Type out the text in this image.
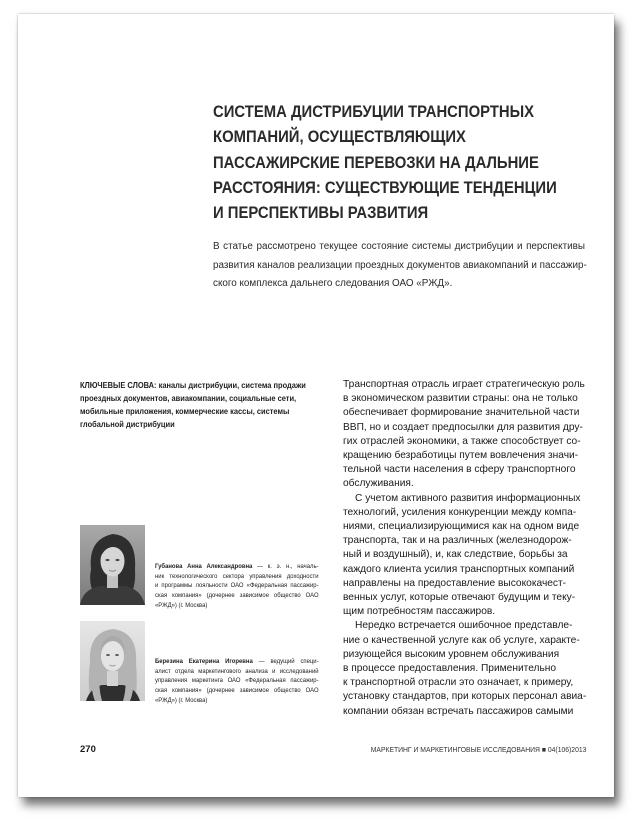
СИСТЕМА ДИСТРИБУЦИИ ТРАНСПОРТНЫХ
КОМПАНИЙ, ОСУЩЕСТВЛЯЮЩИХ
ПАССАЖИРСКИЕ ПЕРЕВОЗКИ НА ДАЛЬНИЕ
РАССТОЯНИЯ: СУЩЕСТВУЮЩИЕ ТЕНДЕНЦИИ
И ПЕРСПЕКТИВЫ РАЗВИТИЯ
В статье рассмотрено текущее состояние системы дистрибуции и перспективы
развития каналов реализации проездных документов авиакомпаний и пассажир-
ского комплекса дальнего следования ОАО «РЖД».
КЛЮЧЕВЫЕ СЛОВА: каналы дистрибуции, система продажи
проездных документов, авиакомпании, социальные сети,
мобильные приложения, коммерческие кассы, системы
глобальной дистрибуции
Губанова Анна Александровна — к. э. н., началь-
ник технологического сектора управления доходности
и программы лояльности ОАО «Федеральная пассажир-
ская компания» (дочернее зависимое общество ОАО
«РЖД») (г. Москва)
Березина Екатерина Игоревна — ведущий специ-
алист отдела маркетингового анализа и исследований
управления маркетинга ОАО «Федеральная пассажир-
ская компания» (дочернее зависимое общество ОАО
«РЖД») (г. Москва)
Транспортная отрасль играет стратегическую роль
в экономическом развитии страны: она не только
обеспечивает формирование значительной части
ВВП, но и создает предпосылки для развития дру-
гих отраслей экономики, а также способствует со-
кращению безработицы путем вовлечения значи-
тельной части населения в сферу транспортного
обслуживания.
С учетом активного развития информационных
технологий, усиления конкуренции между компа-
ниями, специализирующимися как на одном виде
транспорта, так и на различных (железнодорож-
ный и воздушный), и, как следствие, борьбы за
каждого клиента усилия транспортных компаний
направлены на предоставление высококачест-
венных услуг, которые отвечают будущим и теку-
щим потребностям пассажиров.
Нередко встречается ошибочное представле-
ние о качественной услуге как об услуге, характе-
ризующейся высоким уровнем обслуживания
в процессе предоставления. Применительно
к транспортной отрасли это означает, к примеру,
установку стандартов, при которых персонал авиа-
компании обязан встречать пассажиров самыми
270	МАРКЕТИНГ И МАРКЕТИНГОВЫЕ ИССЛЕДОВАНИЯ ■ 04(106)2013
